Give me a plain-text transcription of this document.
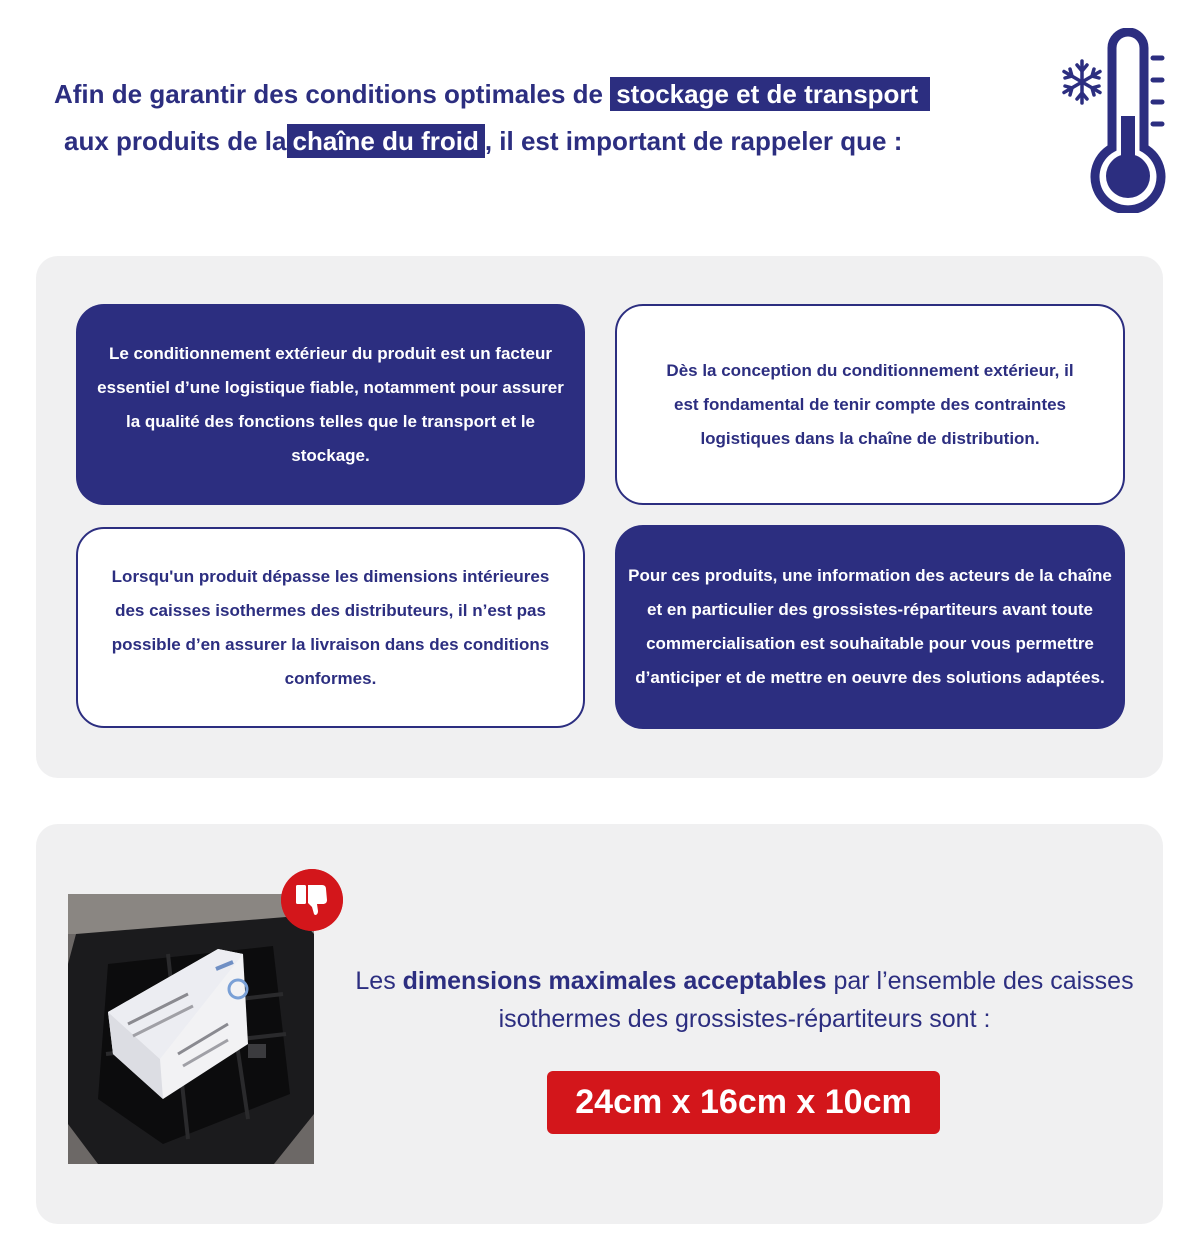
Afin de garantir des conditions optimales de stockage et de transport
aux produits de la chaîne du froid , il est important de rappeler que :
Le conditionnement extérieur du produit est un facteur essentiel d’une logistique fiable, notamment pour assurer la qualité des fonctions telles que le transport et le stockage.
Dès la conception du conditionnement extérieur, il est fondamental de tenir compte des contraintes logistiques dans la chaîne de distribution.
Lorsqu'un produit dépasse les dimensions intérieures des caisses isothermes des distributeurs, il n’est pas possible d’en assurer la livraison dans des conditions conformes.
Pour ces produits, une information des acteurs de la chaîne et en particulier des grossistes-répartiteurs avant toute commercialisation est souhaitable pour vous permettre d’anticiper et de mettre en oeuvre des solutions adaptées.
Les dimensions maximales acceptables par l’ensemble des caisses isothermes des grossistes-répartiteurs sont :
24cm x 16cm x 10cm
